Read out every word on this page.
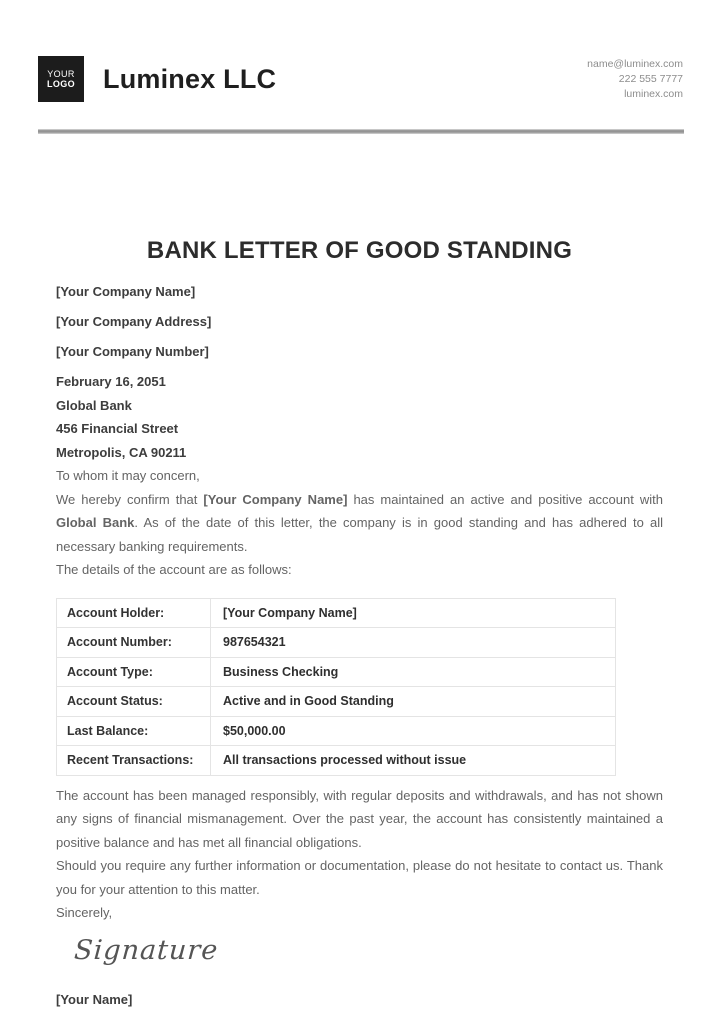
YOUR
LOGO Luminex LLC	name@luminex.com
222 555 7777
luminex.com
BANK LETTER OF GOOD STANDING

[Your Company Name]

[Your Company Address]

[Your Company Number]

February 16, 2051

Global Bank

456 Financial Street

Metropolis, CA 90211

To whom it may concern,

We hereby confirm that [Your Company Name] has maintained an active and positive account with Global Bank. As of the date of this letter, the company is in good standing and has adhered to all necessary banking requirements.

The details of the account are as follows:

Account Holder:	[Your Company Name]
Account Number:	987654321
Account Type:	Business Checking
Account Status:	Active and in Good Standing
Last Balance:	$50,000.00
Recent Transactions:	All transactions processed without issue

The account has been managed responsibly, with regular deposits and withdrawals, and has not shown any signs of financial mismanagement. Over the past year, the account has consistently maintained a positive balance and has met all financial obligations.

Should you require any further information or documentation, please do not hesitate to contact us. Thank you for your attention to this matter.

Sincerely,

Signature

[Your Name]
